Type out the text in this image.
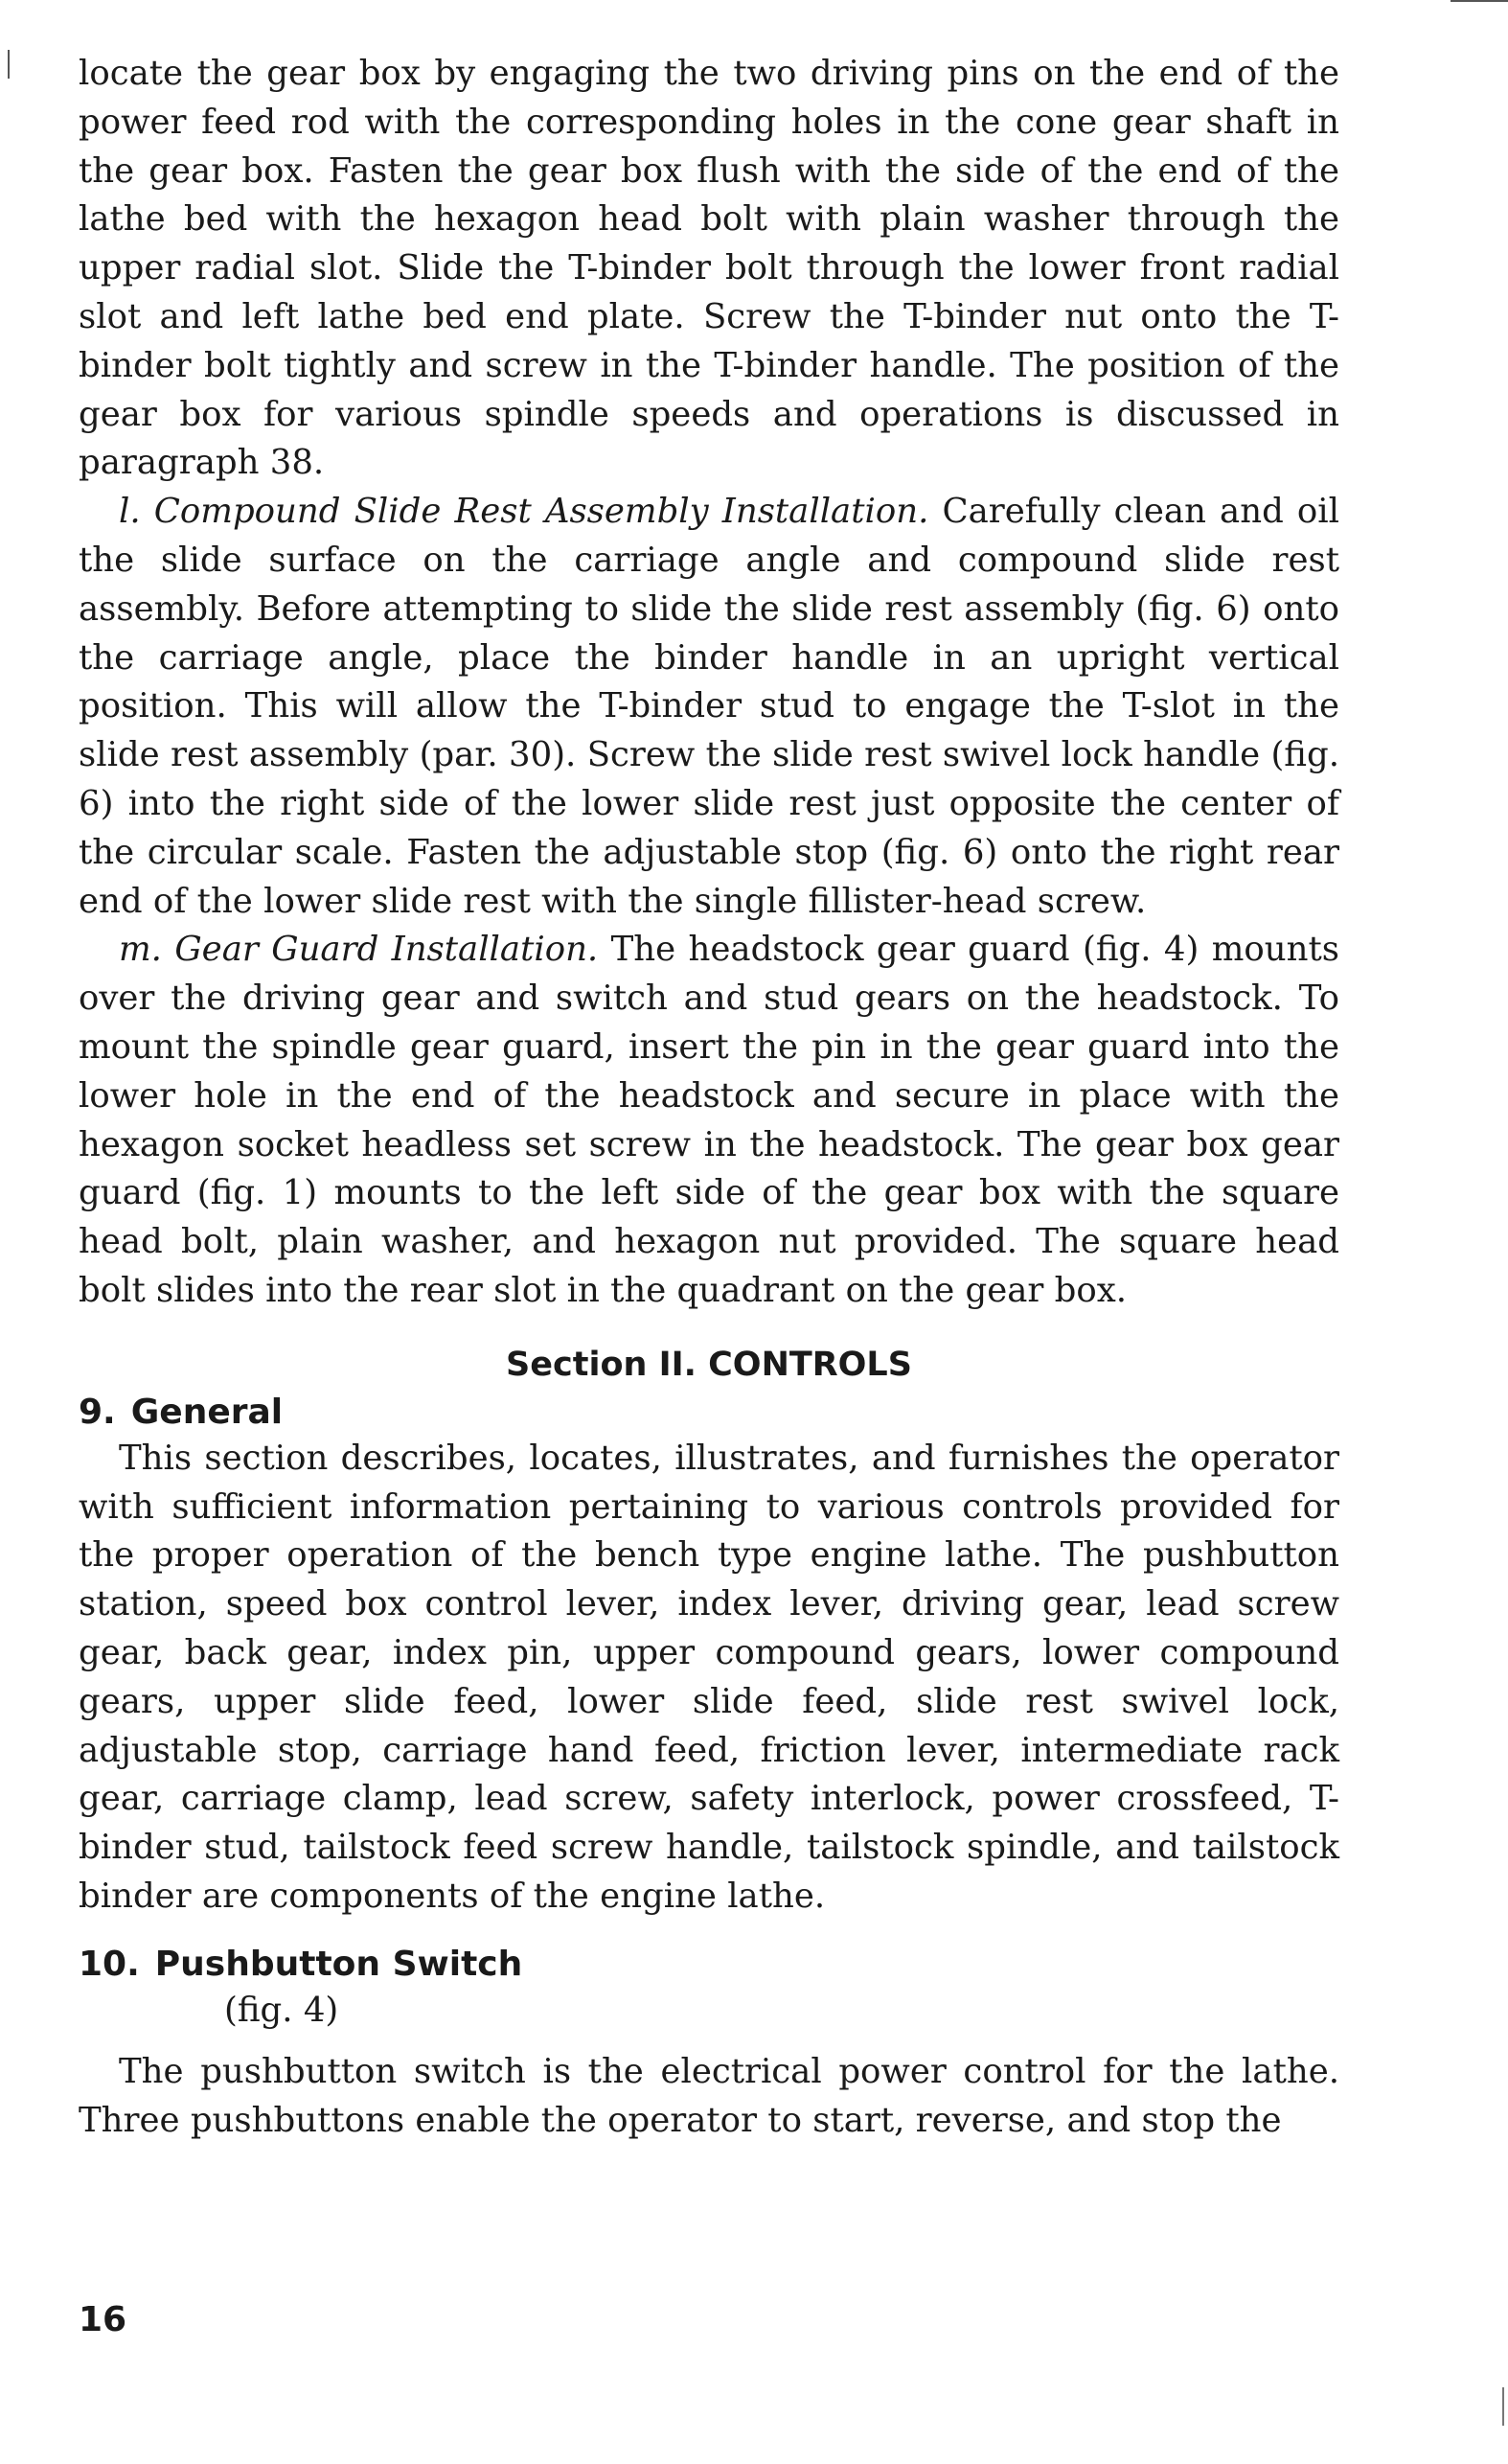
locate the gear box by engaging the two driving pins on the end of the power feed rod with the corresponding holes in the cone gear shaft in the gear box. Fasten the gear box flush with the side of the end of the lathe bed with the hexagon head bolt with plain washer through the upper radial slot. Slide the T-binder bolt through the lower front radial slot and left lathe bed end plate. Screw the T-binder nut onto the T-binder bolt tightly and screw in the T-binder handle. The position of the gear box for various spindle speeds and operations is discussed in paragraph 38.

l. Compound Slide Rest Assembly Installation. Carefully clean and oil the slide surface on the carriage angle and compound slide rest assembly. Before attempting to slide the slide rest assembly (fig. 6) onto the carriage angle, place the binder handle in an upright vertical position. This will allow the T-binder stud to engage the T-slot in the slide rest assembly (par. 30). Screw the slide rest swivel lock handle (fig. 6) into the right side of the lower slide rest just opposite the center of the circular scale. Fasten the adjustable stop (fig. 6) onto the right rear end of the lower slide rest with the single fillister-head screw.

m. Gear Guard Installation. The headstock gear guard (fig. 4) mounts over the driving gear and switch and stud gears on the headstock. To mount the spindle gear guard, insert the pin in the gear guard into the lower hole in the end of the headstock and secure in place with the hexagon socket headless set screw in the headstock. The gear box gear guard (fig. 1) mounts to the left side of the gear box with the square head bolt, plain washer, and hexagon nut provided. The square head bolt slides into the rear slot in the quadrant on the gear box.

Section II. CONTROLS
9. General

This section describes, locates, illustrates, and furnishes the operator with sufficient information pertaining to various controls provided for the proper operation of the bench type engine lathe. The pushbutton station, speed box control lever, index lever, driving gear, lead screw gear, back gear, index pin, upper compound gears, lower compound gears, upper slide feed, lower slide feed, slide rest swivel lock, adjustable stop, carriage hand feed, friction lever, intermediate rack gear, carriage clamp, lead screw, safety interlock, power crossfeed, T-binder stud, tailstock feed screw handle, tailstock spindle, and tailstock binder are components of the engine lathe.

10. Pushbutton Switch
(fig. 4)

The pushbutton switch is the electrical power control for the lathe. Three pushbuttons enable the operator to start, reverse, and stop the

16
